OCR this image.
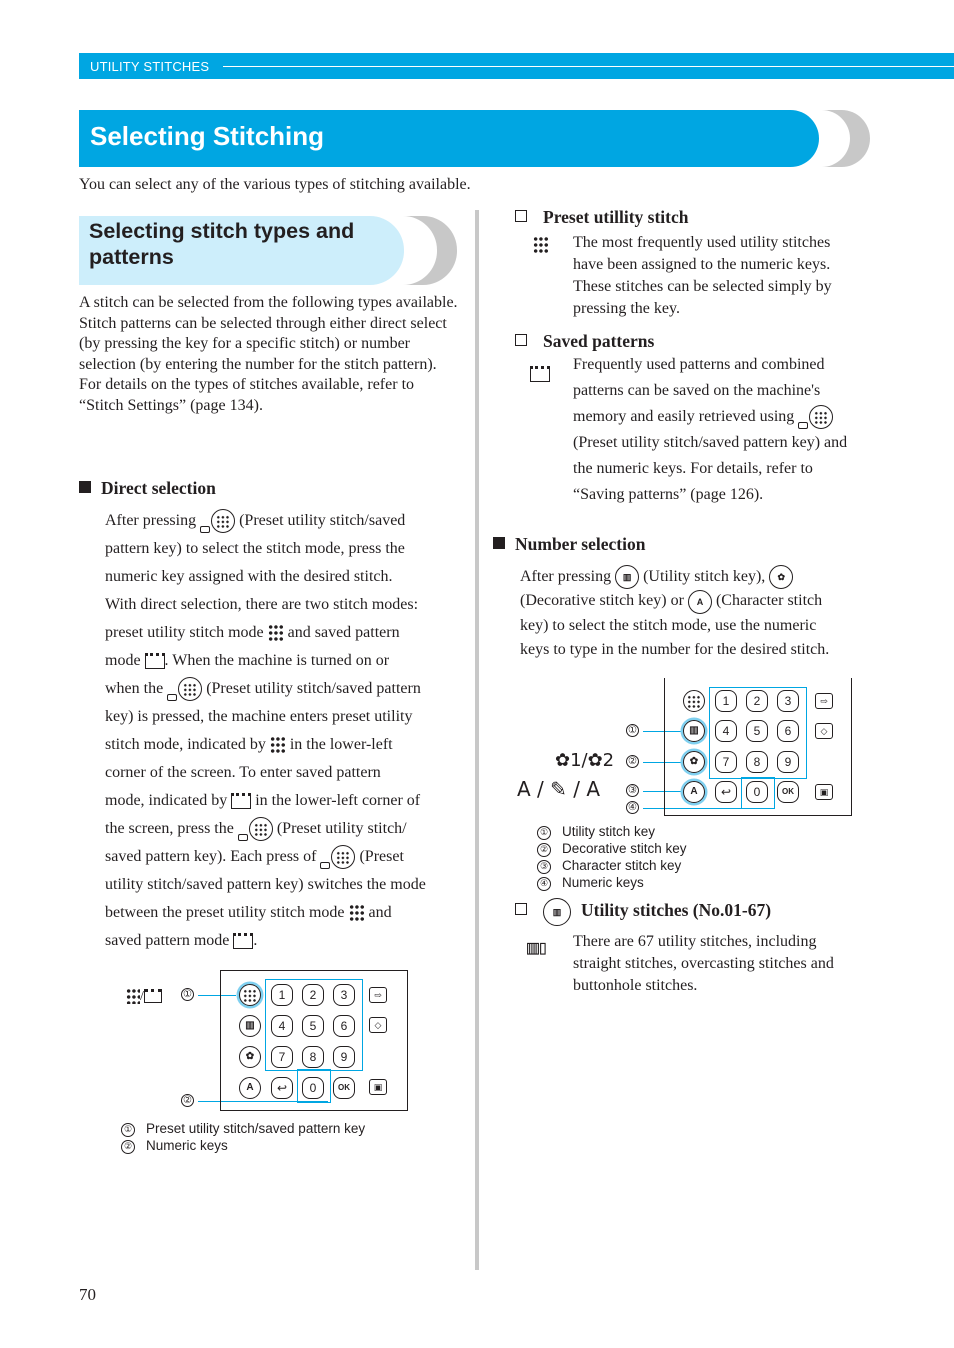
UTILITY STITCHES
Selecting Stitching
You can select any of the various types of stitching available.
Selecting stitch types and patterns
A stitch can be selected from the following types available.
Stitch patterns can be selected through either direct select (by pressing the key for a specific stitch) or number selection (by entering the number for the stitch pattern).
For details on the types of stitches available, refer to “Stitch Settings” (page 134).
Direct selection
After pressing	(Preset utility stitch/saved
pattern key) to select the stitch mode, press the
numeric key assigned with the desired stitch.
With direct selection, there are two stitch modes:
preset utility stitch mode and saved pattern
mode . When the machine is turned on or
when the	(Preset utility stitch/saved pattern
key) is pressed, the machine enters preset utility
stitch mode, indicated by in the lower-left
corner of the screen. To enter saved pattern
mode, indicated by in the lower-left corner of
the screen, press the	(Preset utility stitch/
saved pattern key). Each press of	(Preset
utility stitch/saved pattern key) switches the mode
between the preset utility stitch mode and
saved pattern mode .
/	①
②
▥
✿
A
1	2	3
4	5	6
7	8	9
↩	0	OK
⇨
◇
▣
① Preset utility stitch/saved pattern key
② Numeric keys
Preset utillity stitch
The most frequently used utility stitches
have been assigned to the numeric keys.
These stitches can be selected simply by
pressing the key.
Saved patterns
Frequently used patterns and combined
patterns can be saved on the machine's
memory and easily retrieved using
(Preset utility stitch/saved pattern key) and
the numeric keys. For details, refer to
“Saving patterns” (page 126).
Number selection
After pressing ▥ (Utility stitch key), ✿
(Decorative stitch key) or A (Character stitch
key) to select the stitch mode, use the numeric
keys to type in the number for the desired stitch.
✿1/✿2
A / ✎ / A
①
②
③
④
▥
✿
A
1	2	3
4	5	6
7	8	9
↩	0	OK
⇨
◇
▣
① Utility stitch key
② Decorative stitch key
③ Character stitch key
④ Numeric keys
▥ Utility stitches (No.01-67)
▥▯ There are 67 utility stitches, including
straight stitches, overcasting stitches and
buttonhole stitches.
70
